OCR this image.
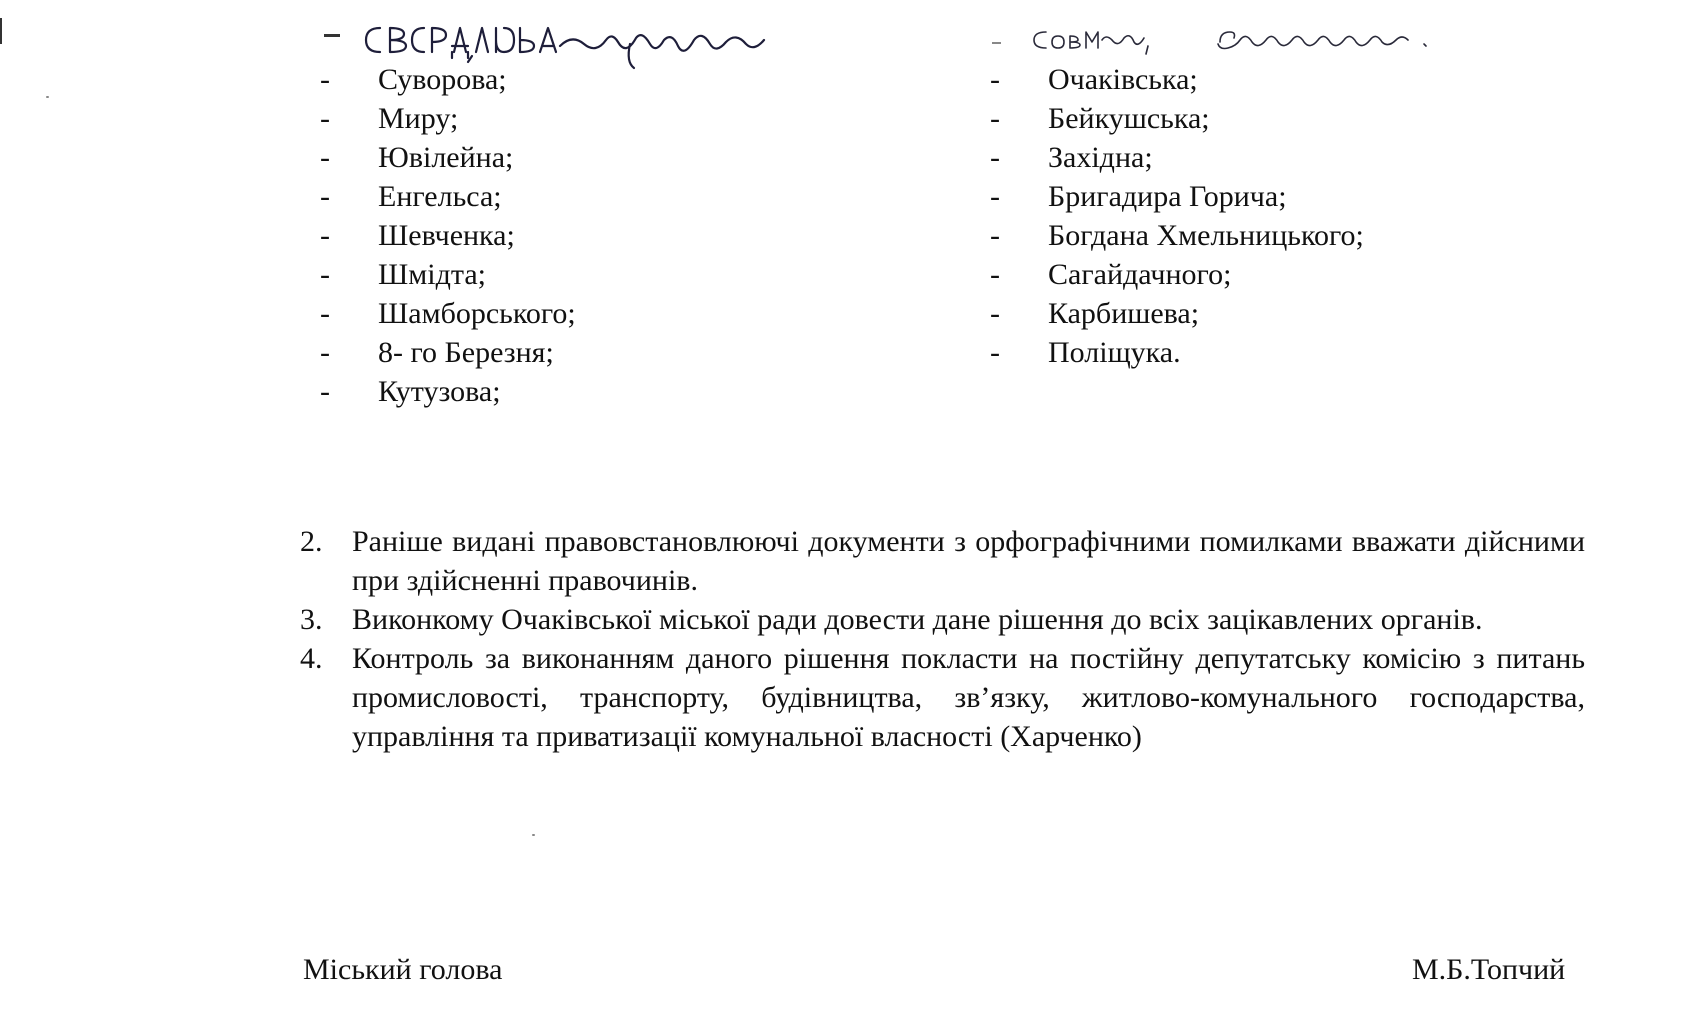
-	Суворова;
-	Миру;
-	Ювілейна;
-	Енгельса;
-	Шевченка;
-	Шмідта;
-	Шамборського;
-	8- го Березня;
-	Кутузова;
-	Очаківська;
-	Бейкушська;
-	Західна;
-	Бригадира Горича;
-	Богдана Хмельницького;
-	Сагайдачного;
-	Карбишева;
-	Поліщука.
2. Раніше видані правовстановлюючі документи з орфографічними помилками вважати дійсними при здійсненні правочинів.
3. Виконкому Очаківської міської ради довести дане рішення до всіх зацікавлених органів.
4. Контроль за виконанням даного рішення покласти на постійну депутатську комісію з питань промисловості, транспорту, будівництва, зв’язку, житлово-комунального господарства, управління та приватизації комунальної власності (Харченко)
Міський голова	М.Б.Топчий
